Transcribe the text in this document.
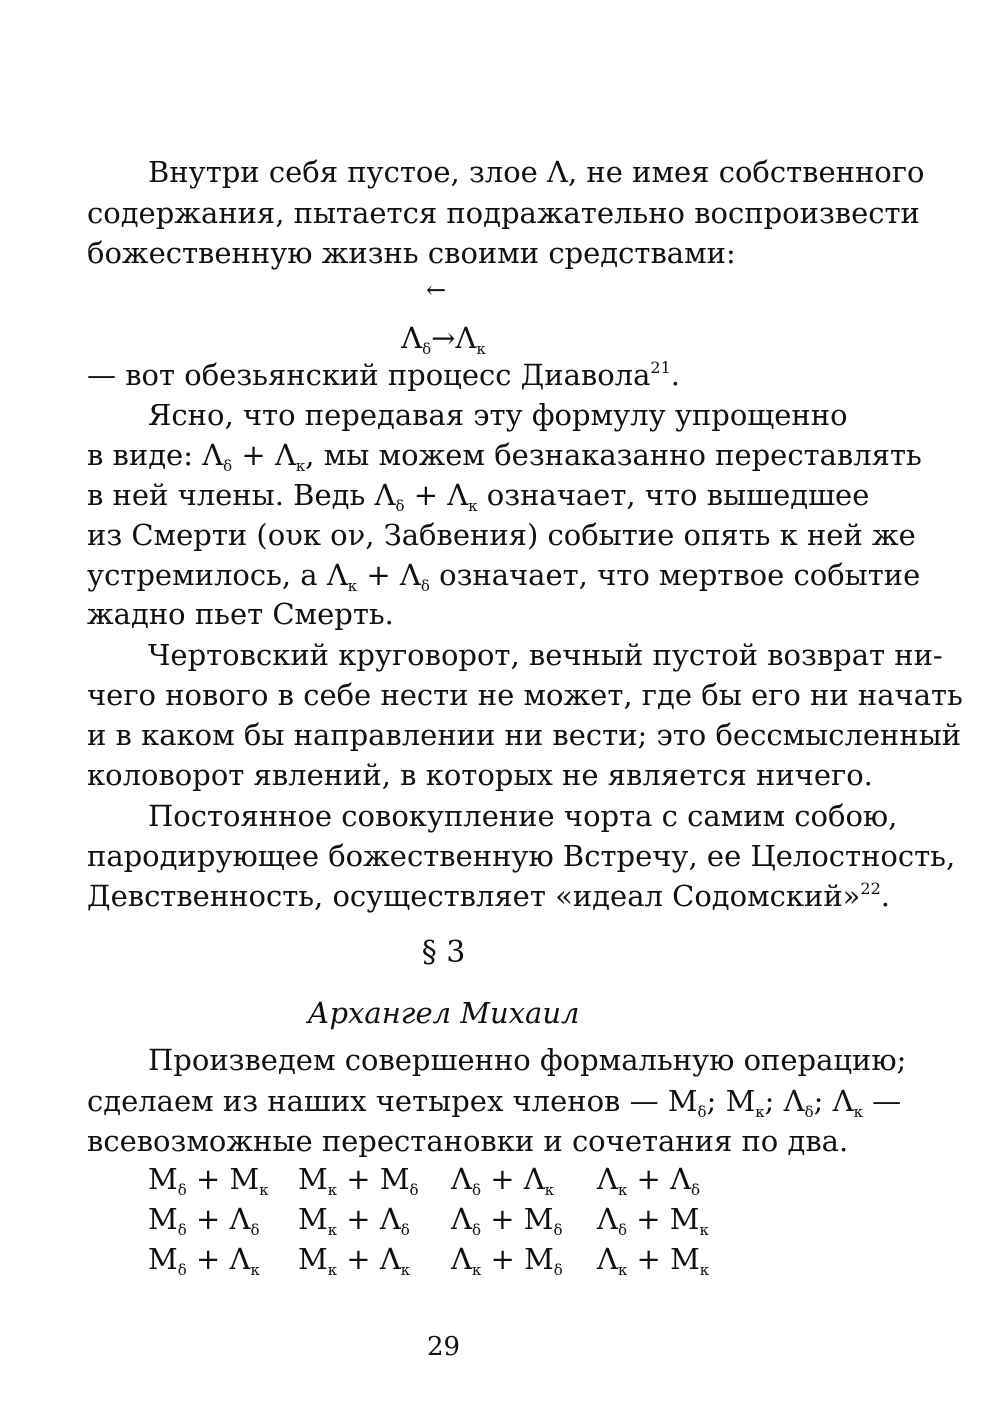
Внутри себя пустое, злое Λ, не имея собственного
содержания, пытается подражательно воспроизвести
божественную жизнь своими средствами:
←
$\Lambda_\delta\to\Lambda_\kappa$
— вот обезьянский процесс Диавола$^{21}$.
Ясно, что передавая эту формулу упрощенно
в виде: $\Lambda_\delta + \Lambda_\kappa$, мы можем безнаказанно переставлять
в ней члены. Ведь $\Lambda_\delta + \Lambda_\kappa$ означает, что вышедшее
из Смерти (ουκ ον, Забвения) событие опять к ней же
устремилось, а $\Lambda_\kappa + \Lambda_\delta$ означает, что мертвое событие
жадно пьет Смерть.
Чертовский круговорот, вечный пустой возврат ни-
чего нового в себе нести не может, где бы его ни начать
и в каком бы направлении ни вести; это бессмысленный
коловорот явлений, в которых не является ничего.
Постоянное совокупление чорта с самим собою,
пародирующее божественную Встречу, ее Целостность,
Девственность, осуществляет «идеал Содомский»$^{22}$.
§ 3
Архангел Михаил
Произведем совершенно формальную операцию;
сделаем из наших четырех членов — $М_\delta$; $М_\kappa$; $\Lambda_\delta$; $\Lambda_\kappa$ —
всевозможные перестановки и сочетания по два.
$М_\delta + М_\kappa$ $М_\kappa + М_\delta$ $\Lambda_\delta + \Lambda_\kappa$ $\Lambda_\kappa + \Lambda_\delta$
$М_\delta + \Lambda_\delta$ $М_\kappa + \Lambda_\delta$ $\Lambda_\delta + М_\delta$ $\Lambda_\delta + М_\kappa$
$М_\delta + \Lambda_\kappa$ $М_\kappa + \Lambda_\kappa$ $\Lambda_\kappa + М_\delta$ $\Lambda_\kappa + М_\kappa$
29
